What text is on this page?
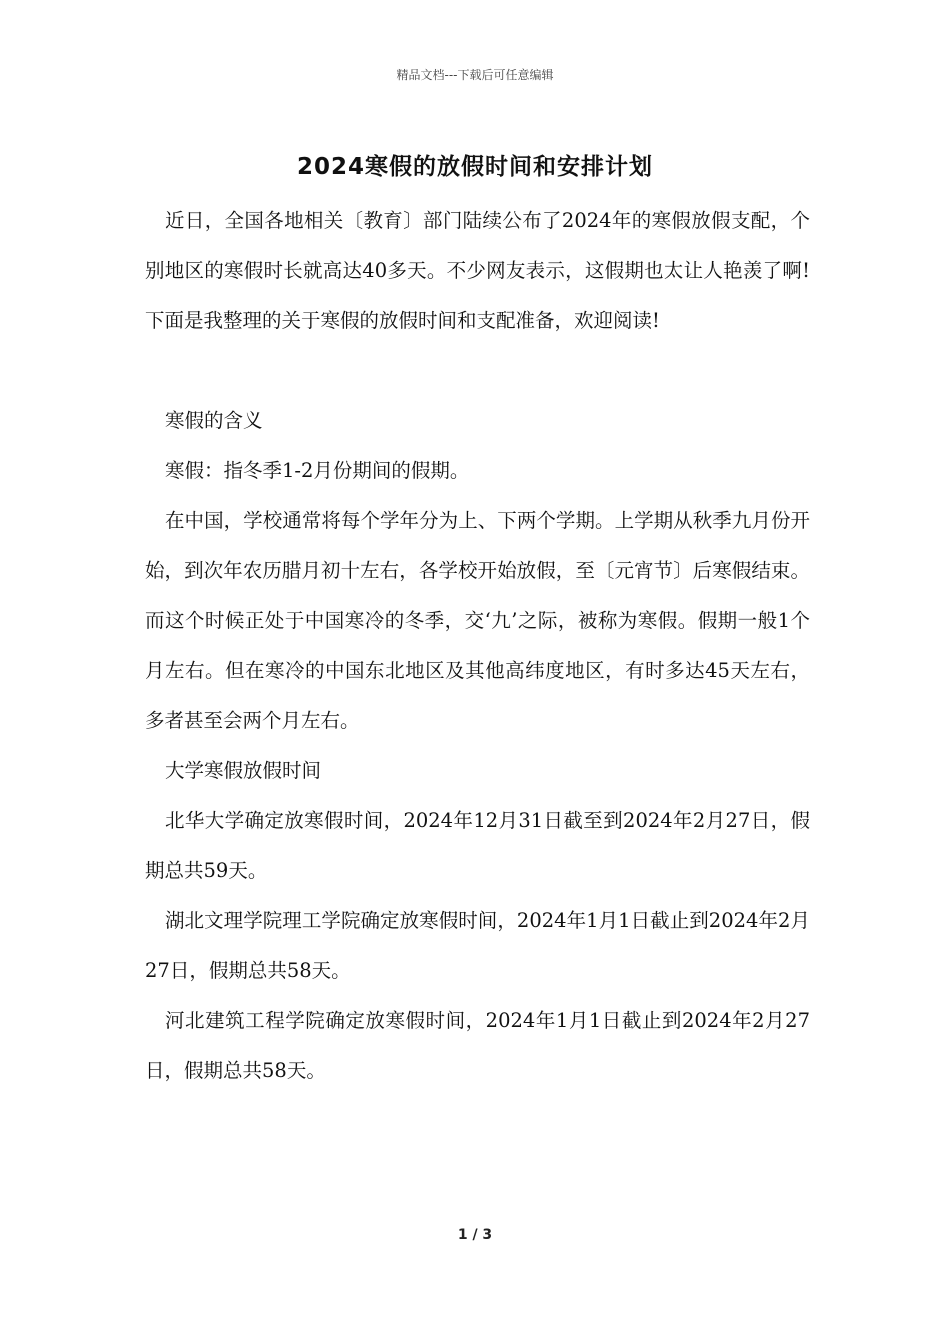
精品文档---下载后可任意编辑
2024寒假的放假时间和安排计划

近日，全国各地相关〔教育〕部门陆续公布了2024年的寒假放假支配，个别地区的寒假时长就高达40多天。不少网友表示，这假期也太让人艳羡了啊!下面是我整理的关于寒假的放假时间和支配准备，欢迎阅读!

寒假的含义

寒假：指冬季1-2月份期间的假期。

在中国，学校通常将每个学年分为上、下两个学期。上学期从秋季九月份开始，到次年农历腊月初十左右，各学校开始放假，至〔元宵节〕后寒假结束。而这个时候正处于中国寒冷的冬季，交‘九’之际，被称为寒假。假期一般1个月左右。但在寒冷的中国东北地区及其他高纬度地区，有时多达45天左右，多者甚至会两个月左右。

大学寒假放假时间

北华大学确定放寒假时间，2024年12月31日截至到2024年2月27日，假期总共59天。

湖北文理学院理工学院确定放寒假时间，2024年1月1日截止到2024年2月27日，假期总共58天。

河北建筑工程学院确定放寒假时间，2024年1月1日截止到2024年2月27日，假期总共58天。

1 / 3
